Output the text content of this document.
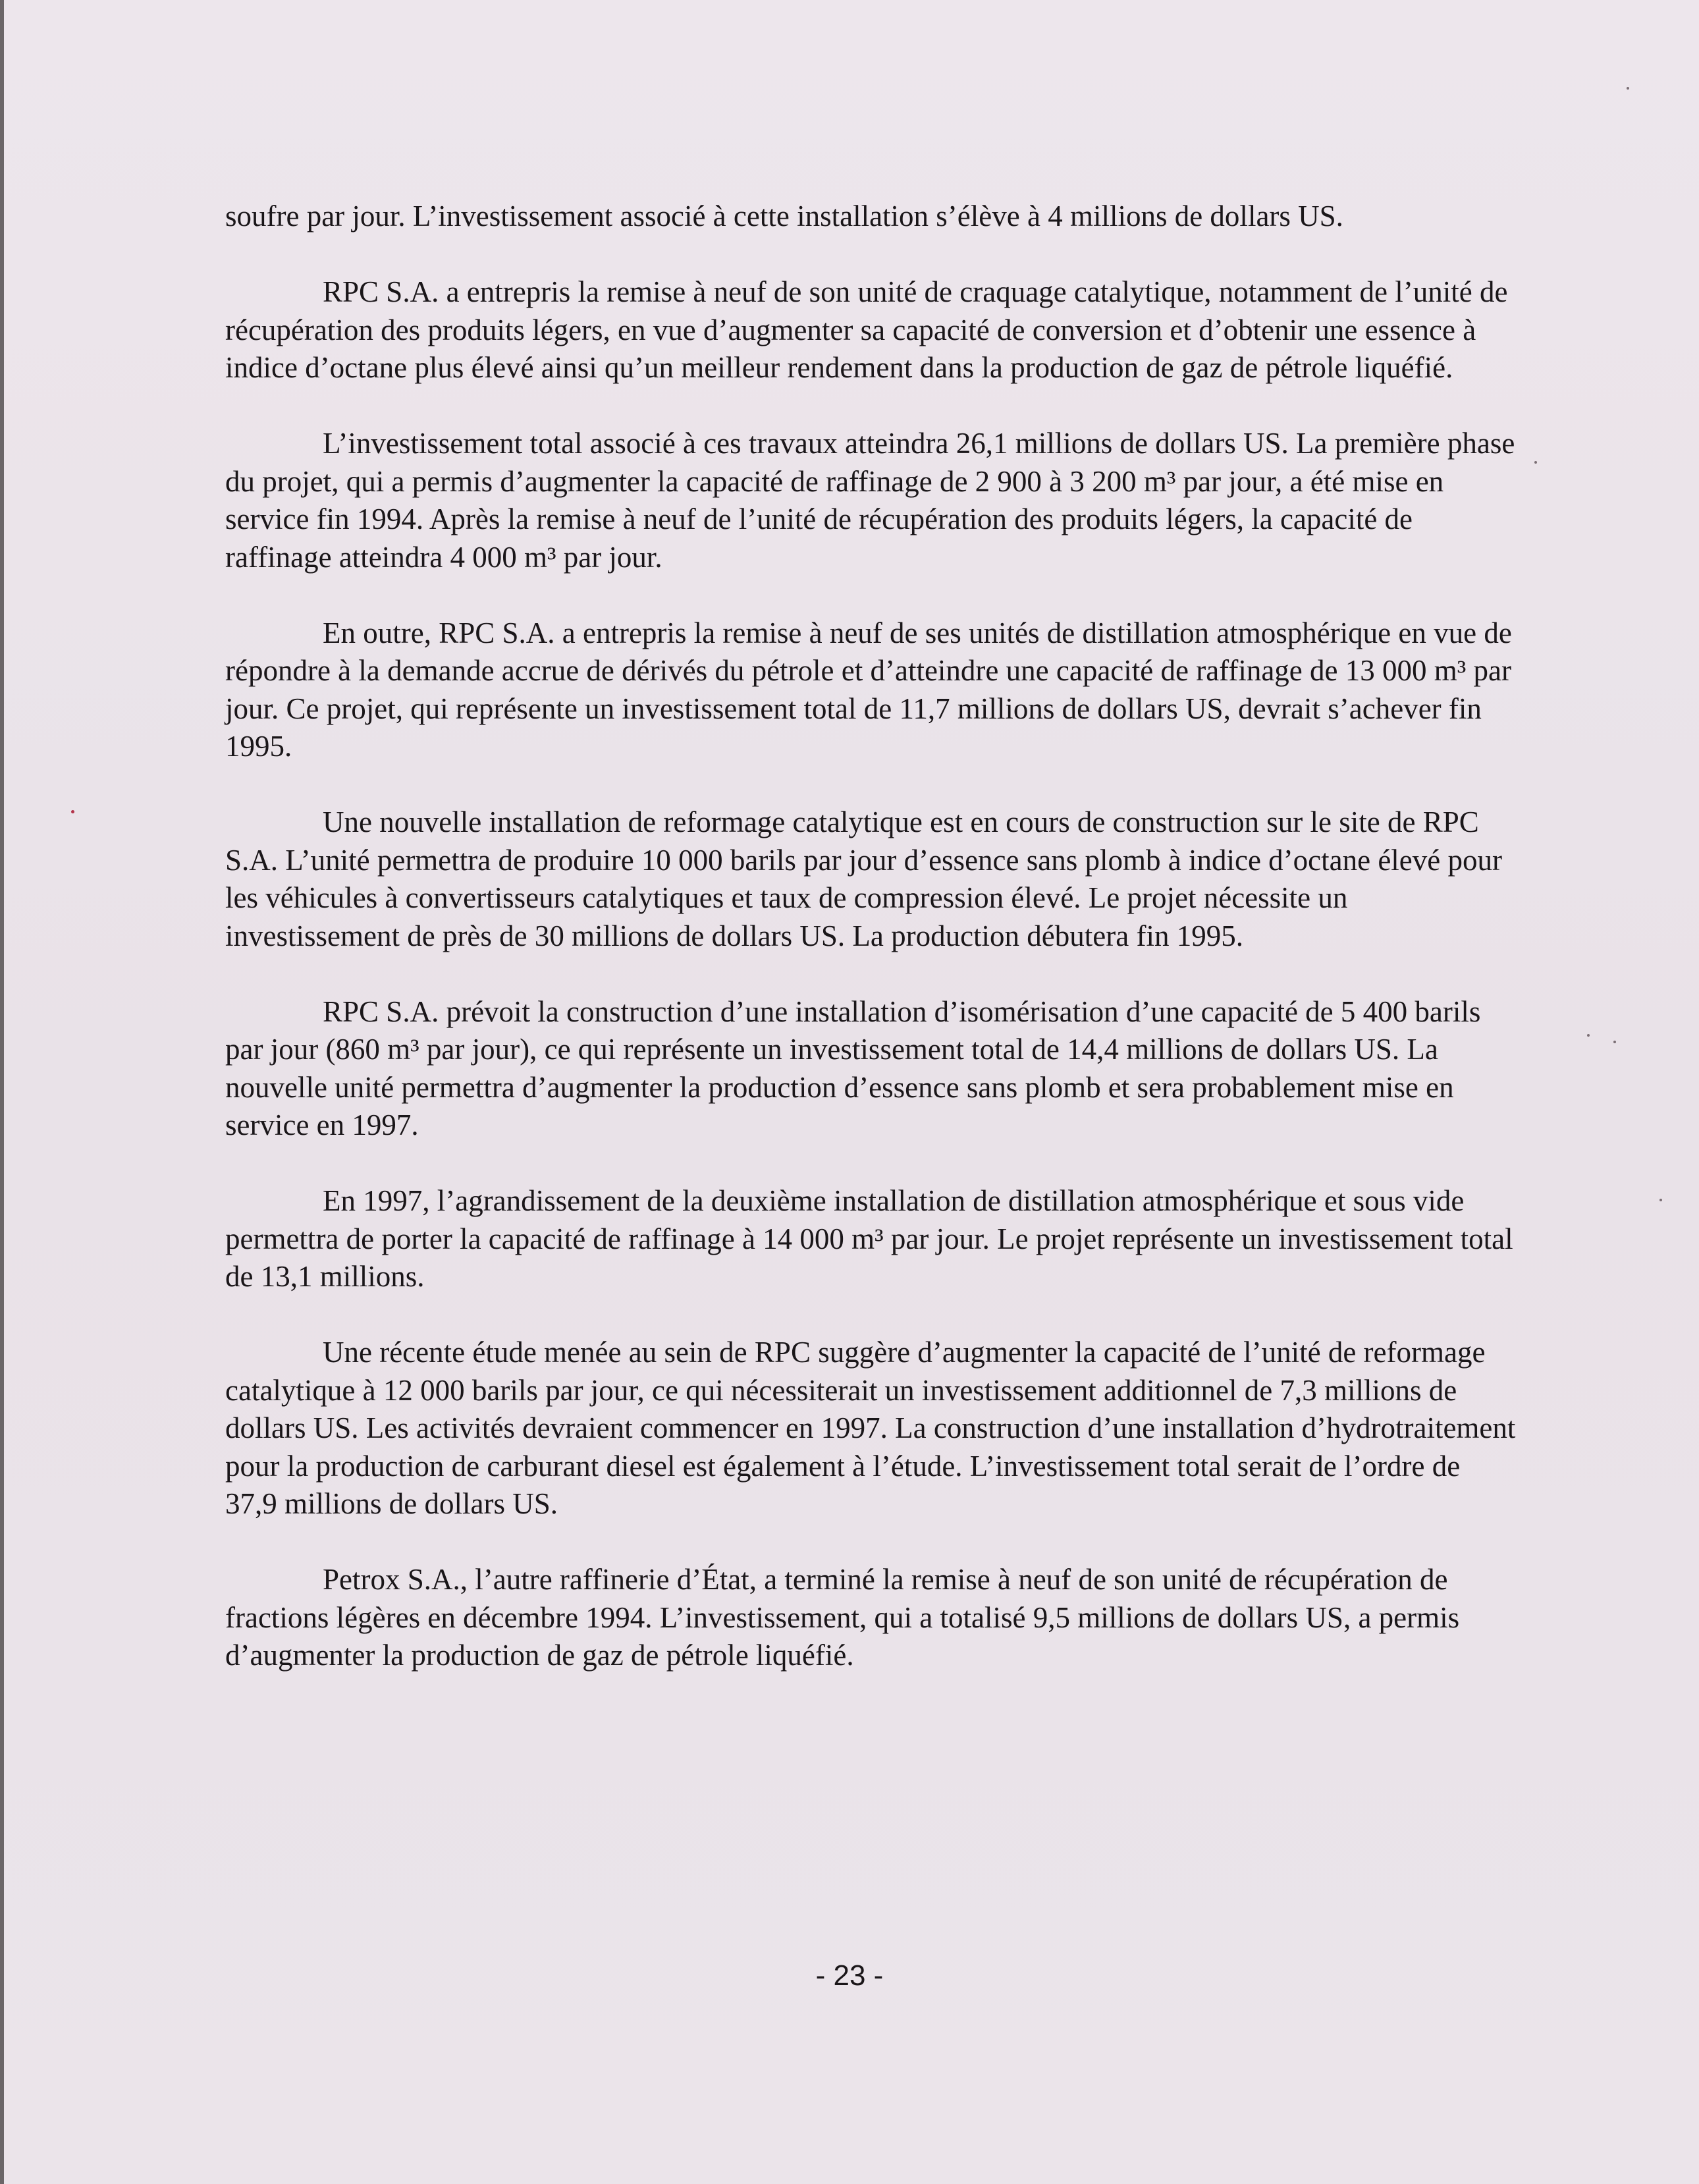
soufre par jour. L’investissement associé à cette installation s’élève à 4 millions de dollars US.

RPC S.A. a entrepris la remise à neuf de son unité de craquage catalytique, notamment de l’unité de récupération des produits légers, en vue d’augmenter sa capacité de conversion et d’obtenir une essence à indice d’octane plus élevé ainsi qu’un meilleur rendement dans la production de gaz de pétrole liquéfié.

L’investissement total associé à ces travaux atteindra 26,1 millions de dollars US. La première phase du projet, qui a permis d’augmenter la capacité de raffinage de 2 900 à 3 200 m³ par jour, a été mise en service fin 1994. Après la remise à neuf de l’unité de récupération des produits légers, la capacité de raffinage atteindra 4 000 m³ par jour.

En outre, RPC S.A. a entrepris la remise à neuf de ses unités de distillation atmosphérique en vue de répondre à la demande accrue de dérivés du pétrole et d’atteindre une capacité de raffinage de 13 000 m³ par jour. Ce projet, qui représente un investissement total de 11,7 millions de dollars US, devrait s’achever fin 1995.

Une nouvelle installation de reformage catalytique est en cours de construction sur le site de RPC S.A. L’unité permettra de produire 10 000 barils par jour d’essence sans plomb à indice d’octane élevé pour les véhicules à convertisseurs catalytiques et taux de compression élevé. Le projet nécessite un investissement de près de 30 millions de dollars US. La production débutera fin 1995.

RPC S.A. prévoit la construction d’une installation d’isomérisation d’une capacité de 5 400 barils par jour (860 m³ par jour), ce qui représente un investissement total de 14,4 millions de dollars US. La nouvelle unité permettra d’augmenter la production d’essence sans plomb et sera probablement mise en service en 1997.

En 1997, l’agrandissement de la deuxième installation de distillation atmosphérique et sous vide permettra de porter la capacité de raffinage à 14 000 m³ par jour. Le projet représente un investissement total de 13,1 millions.

Une récente étude menée au sein de RPC suggère d’augmenter la capacité de l’unité de reformage catalytique à 12 000 barils par jour, ce qui nécessiterait un investissement additionnel de 7,3 millions de dollars US. Les activités devraient commencer en 1997. La construction d’une installation d’hydrotraitement pour la production de carburant diesel est également à l’étude. L’investissement total serait de l’ordre de 37,9 millions de dollars US.

Petrox S.A., l’autre raffinerie d’État, a terminé la remise à neuf de son unité de récupération de fractions légères en décembre 1994. L’investissement, qui a totalisé 9,5 millions de dollars US, a permis d’augmenter la production de gaz de pétrole liquéfié.

- 23 -
